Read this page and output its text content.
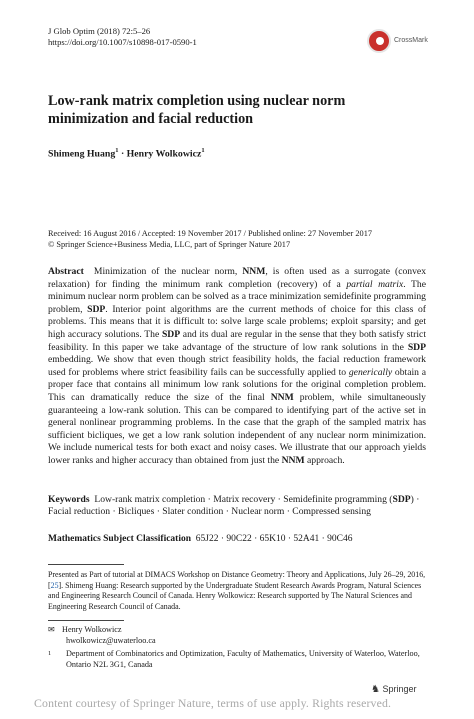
J Glob Optim (2018) 72:5–26
https://doi.org/10.1007/s10898-017-0590-1	CrossMark
Low-rank matrix completion using nuclear norm minimization and facial reduction
Shimeng Huang$^1$ · Henry Wolkowicz$^1$
Received: 16 August 2016 / Accepted: 19 November 2017 / Published online: 27 November 2017
© Springer Science+Business Media, LLC, part of Springer Nature 2017
Abstract Minimization of the nuclear norm, NNM, is often used as a surrogate (convex relaxation) for finding the minimum rank completion (recovery) of a partial matrix. The minimum nuclear norm problem can be solved as a trace minimization semidefinite programming problem, SDP. Interior point algorithms are the current methods of choice for this class of problems. This means that it is difficult to: solve large scale problems; exploit sparsity; and get high accuracy solutions. The SDP and its dual are regular in the sense that they both satisfy strict feasibility. In this paper we take advantage of the structure of low rank solutions in the SDP embedding. We show that even though strict feasibility holds, the facial reduction framework used for problems where strict feasibility fails can be successfully applied to generically obtain a proper face that contains all minimum low rank solutions for the original completion problem. This can dramatically reduce the size of the final NNM problem, while simultaneously guaranteeing a low-rank solution. This can be compared to identifying part of the active set in general nonlinear programming problems. In the case that the graph of the sampled matrix has sufficient bicliques, we get a low rank solution independent of any nuclear norm minimization. We include numerical tests for both exact and noisy cases. We illustrate that our approach yields lower ranks and higher accuracy than obtained from just the NNM approach.
Keywords Low-rank matrix completion · Matrix recovery · Semidefinite programming (SDP) · Facial reduction · Bicliques · Slater condition · Nuclear norm · Compressed sensing
Mathematics Subject Classification 65J22 · 90C22 · 65K10 · 52A41 · 90C46
Presented as Part of tutorial at DIMACS Workshop on Distance Geometry: Theory and Applications, July 26–29, 2016, [25]. Shimeng Huang: Research supported by the Undergraduate Student Research Awards Program, Natural Sciences and Engineering Research Council of Canada. Henry Wolkowicz: Research supported by The Natural Sciences and Engineering Research Council of Canada.
✉ Henry Wolkowicz
hwolkowicz@uwaterloo.ca
1	Department of Combinatorics and Optimization, Faculty of Mathematics, University of Waterloo, Waterloo, Ontario N2L 3G1, Canada
♞ Springer
Content courtesy of Springer Nature, terms of use apply. Rights reserved.
